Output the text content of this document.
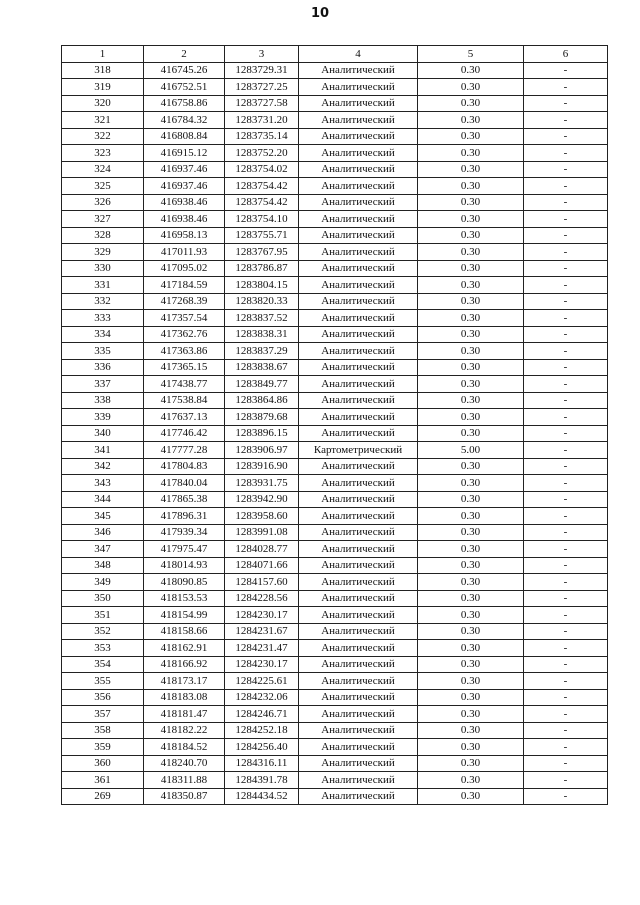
10
1	2	3	4	5	6
318	416745.26	1283729.31	Аналитический	0.30	-
319	416752.51	1283727.25	Аналитический	0.30	-
320	416758.86	1283727.58	Аналитический	0.30	-
321	416784.32	1283731.20	Аналитический	0.30	-
322	416808.84	1283735.14	Аналитический	0.30	-
323	416915.12	1283752.20	Аналитический	0.30	-
324	416937.46	1283754.02	Аналитический	0.30	-
325	416937.46	1283754.42	Аналитический	0.30	-
326	416938.46	1283754.42	Аналитический	0.30	-
327	416938.46	1283754.10	Аналитический	0.30	-
328	416958.13	1283755.71	Аналитический	0.30	-
329	417011.93	1283767.95	Аналитический	0.30	-
330	417095.02	1283786.87	Аналитический	0.30	-
331	417184.59	1283804.15	Аналитический	0.30	-
332	417268.39	1283820.33	Аналитический	0.30	-
333	417357.54	1283837.52	Аналитический	0.30	-
334	417362.76	1283838.31	Аналитический	0.30	-
335	417363.86	1283837.29	Аналитический	0.30	-
336	417365.15	1283838.67	Аналитический	0.30	-
337	417438.77	1283849.77	Аналитический	0.30	-
338	417538.84	1283864.86	Аналитический	0.30	-
339	417637.13	1283879.68	Аналитический	0.30	-
340	417746.42	1283896.15	Аналитический	0.30	-
341	417777.28	1283906.97	Картометрический	5.00	-
342	417804.83	1283916.90	Аналитический	0.30	-
343	417840.04	1283931.75	Аналитический	0.30	-
344	417865.38	1283942.90	Аналитический	0.30	-
345	417896.31	1283958.60	Аналитический	0.30	-
346	417939.34	1283991.08	Аналитический	0.30	-
347	417975.47	1284028.77	Аналитический	0.30	-
348	418014.93	1284071.66	Аналитический	0.30	-
349	418090.85	1284157.60	Аналитический	0.30	-
350	418153.53	1284228.56	Аналитический	0.30	-
351	418154.99	1284230.17	Аналитический	0.30	-
352	418158.66	1284231.67	Аналитический	0.30	-
353	418162.91	1284231.47	Аналитический	0.30	-
354	418166.92	1284230.17	Аналитический	0.30	-
355	418173.17	1284225.61	Аналитический	0.30	-
356	418183.08	1284232.06	Аналитический	0.30	-
357	418181.47	1284246.71	Аналитический	0.30	-
358	418182.22	1284252.18	Аналитический	0.30	-
359	418184.52	1284256.40	Аналитический	0.30	-
360	418240.70	1284316.11	Аналитический	0.30	-
361	418311.88	1284391.78	Аналитический	0.30	-
269	418350.87	1284434.52	Аналитический	0.30	-
